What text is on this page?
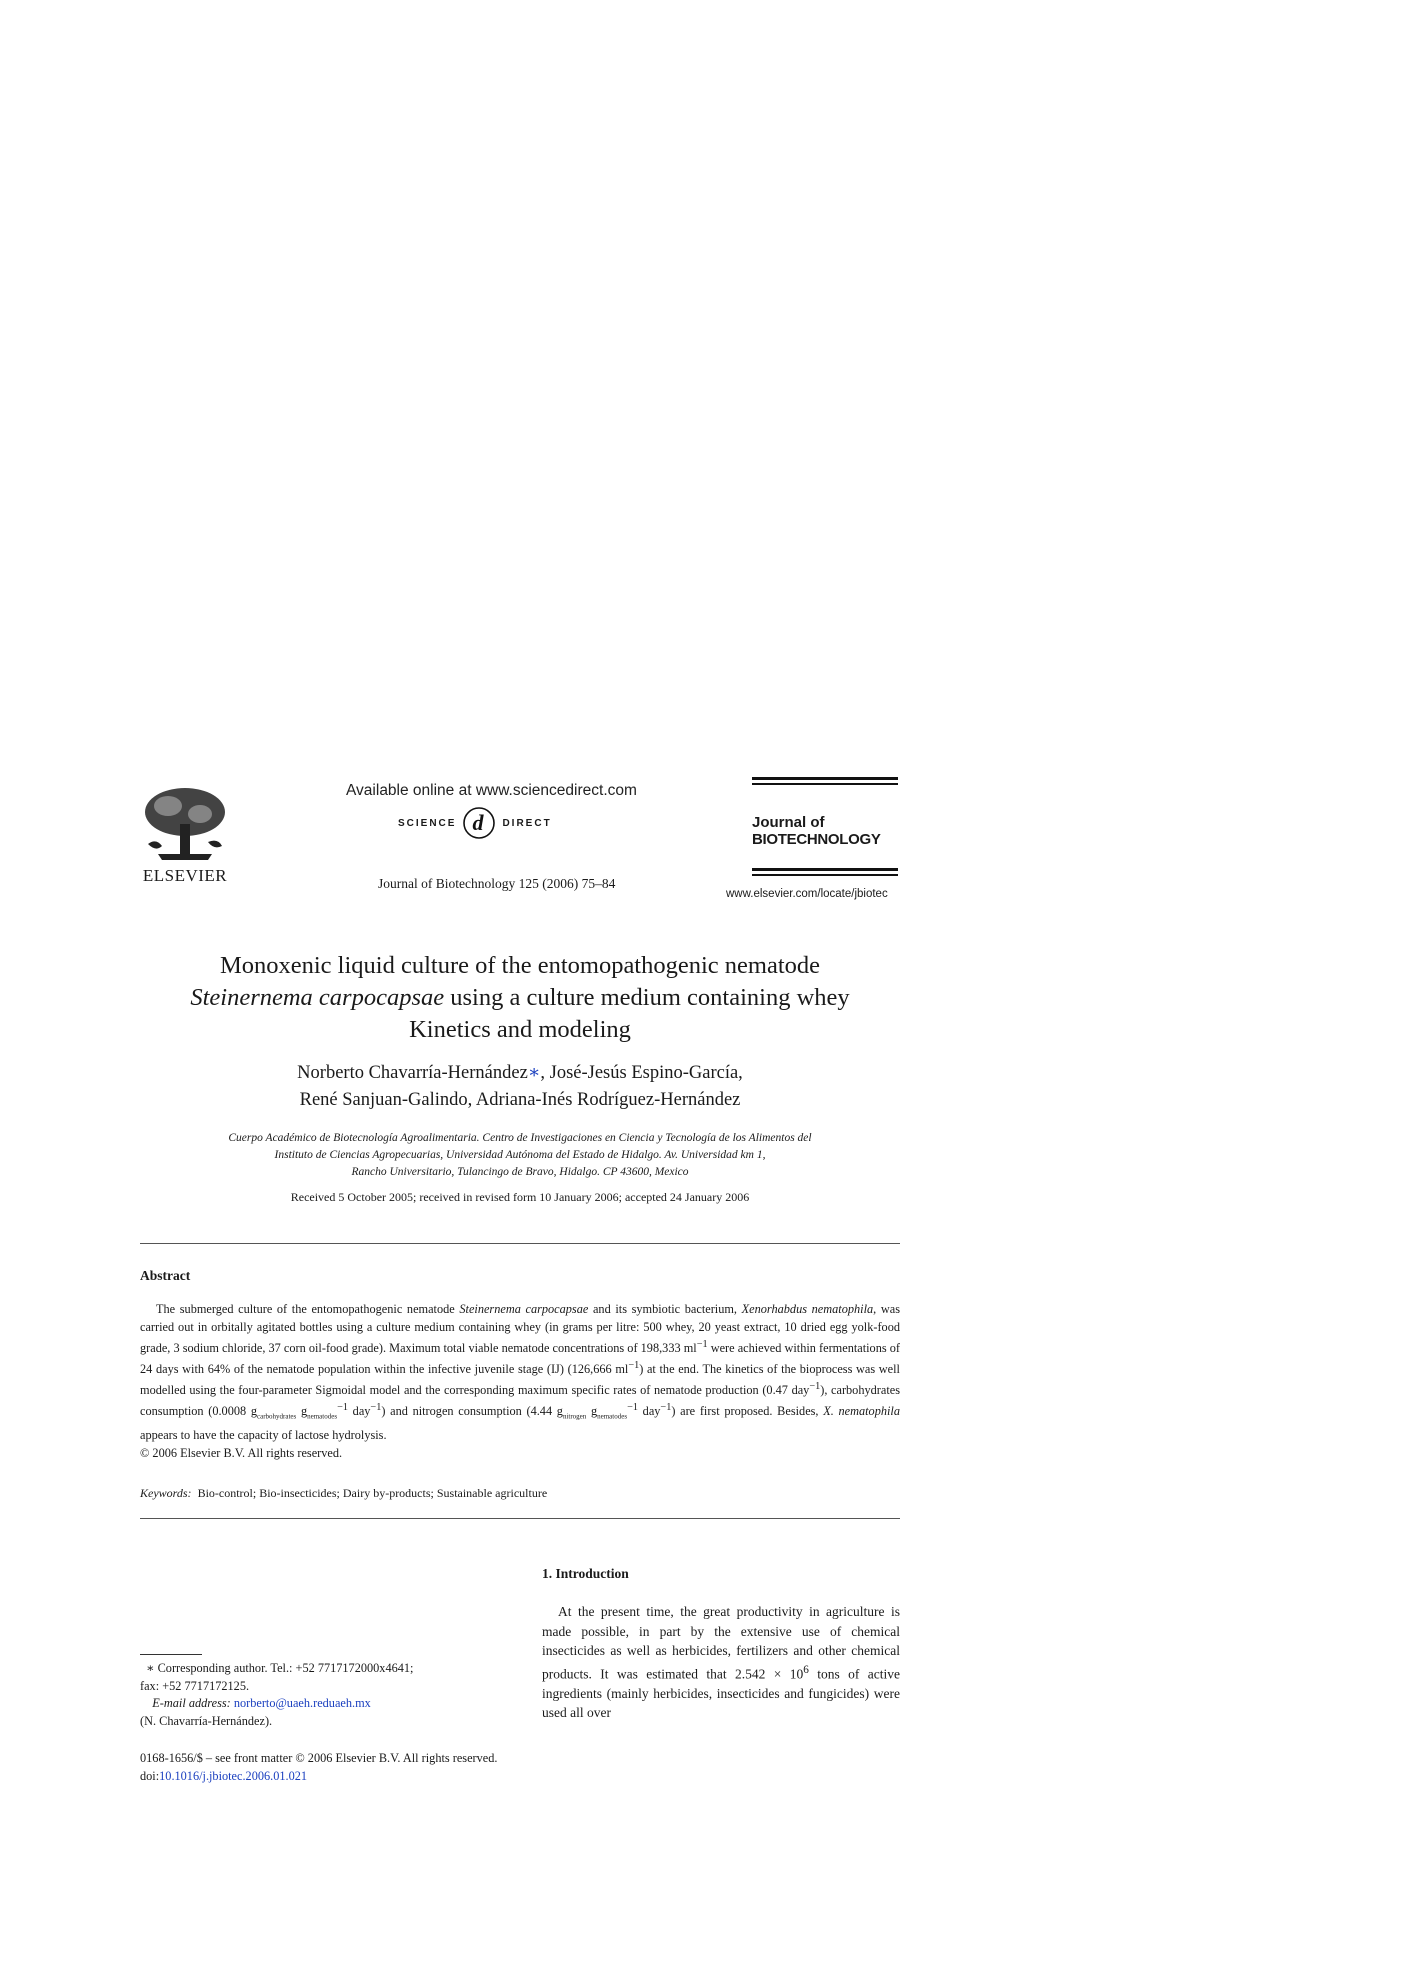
ELSEVIER
Available online at www.sciencedirect.com
SCIENCE d DIRECT
Journal of Biotechnology 125 (2006) 75–84
Journal of
BIOTECHNOLOGY
www.elsevier.com/locate/jbiotec
Monoxenic liquid culture of the entomopathogenic nematode
Steinernema carpocapsae using a culture medium containing whey
Kinetics and modeling
Norberto Chavarría-Hernández∗, José-Jesús Espino-García,
René Sanjuan-Galindo, Adriana-Inés Rodríguez-Hernández
Cuerpo Académico de Biotecnología Agroalimentaria. Centro de Investigaciones en Ciencia y Tecnología de los Alimentos del
Instituto de Ciencias Agropecuarias, Universidad Autónoma del Estado de Hidalgo. Av. Universidad km 1,
Rancho Universitario, Tulancingo de Bravo, Hidalgo. CP 43600, Mexico
Received 5 October 2005; received in revised form 10 January 2006; accepted 24 January 2006
Abstract

The submerged culture of the entomopathogenic nematode Steinernema carpocapsae and its symbiotic bacterium, Xenorhabdus nematophila, was carried out in orbitally agitated bottles using a culture medium containing whey (in grams per litre: 500 whey, 20 yeast extract, 10 dried egg yolk-food grade, 3 sodium chloride, 37 corn oil-food grade). Maximum total viable nematode concentrations of 198,333 $ml^{-1}$ were achieved within fermentations of 24 days with 64% of the nematode population within the infective juvenile stage (IJ) (126,666 $ml^{-1}$) at the end. The kinetics of the bioprocess was well modelled using the four-parameter Sigmoidal model and the corresponding maximum specific rates of nematode production (0.47 day$^{-1}$), carbohydrates consumption (0.0008 $g_{carbohydrates}$ $g_{nematodes}^{-1}$ day$^{-1}$) and nitrogen consumption (4.44 $g_{nitrogen}$ $g_{nematodes}^{-1}$ day$^{-1}$) are first proposed. Besides, X. nematophila appears to have the capacity of lactose hydrolysis.

© 2006 Elsevier B.V. All rights reserved.

Keywords: Bio-control; Bio-insecticides; Dairy by-products; Sustainable agriculture
1. Introduction

At the present time, the great productivity in agriculture is made possible, in part by the extensive use of chemical insecticides as well as herbicides, fertilizers and other chemical products. It was estimated that $2.542 \times 10^6$ tons of active ingredients (mainly herbicides, insecticides and fungicides) were used all over

∗ Corresponding author. Tel.: +52 7717172000x4641;
fax: +52 7717172125.
E-mail address: norberto@uaeh.reduaeh.mx
(N. Chavarría-Hernández).
0168-1656/$ – see front matter © 2006 Elsevier B.V. All rights reserved.
doi:10.1016/j.jbiotec.2006.01.021
